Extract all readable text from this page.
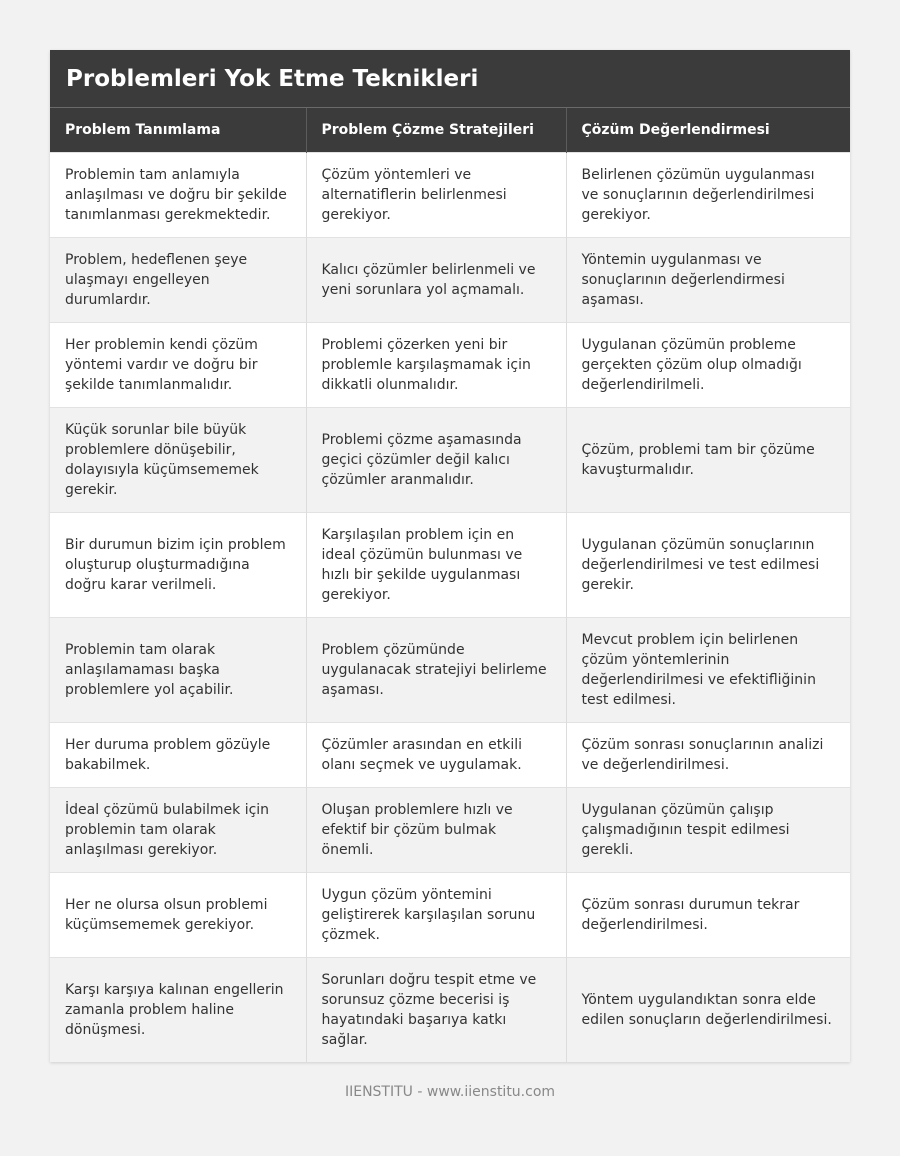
Problemleri Yok Etme Teknikleri
Problem Tanımlama	Problem Çözme Stratejileri	Çözüm Değerlendirmesi
Problemin tam anlamıyla anlaşılması ve doğru bir şekilde tanımlanması gerekmektedir.	Çözüm yöntemleri ve alternatiflerin belirlenmesi gerekiyor.	Belirlenen çözümün uygulanması ve sonuçlarının değerlendirilmesi gerekiyor.
Problem, hedeflenen şeye ulaşmayı engelleyen durumlardır.	Kalıcı çözümler belirlenmeli ve yeni sorunlara yol açmamalı.	Yöntemin uygulanması ve sonuçlarının değerlendirmesi aşaması.
Her problemin kendi çözüm yöntemi vardır ve doğru bir şekilde tanımlanmalıdır.	Problemi çözerken yeni bir problemle karşılaşmamak için dikkatli olunmalıdır.	Uygulanan çözümün probleme gerçekten çözüm olup olmadığı değerlendirilmeli.
Küçük sorunlar bile büyük problemlere dönüşebilir, dolayısıyla küçümsememek gerekir.	Problemi çözme aşamasında geçici çözümler değil kalıcı çözümler aranmalıdır.	Çözüm, problemi tam bir çözüme kavuşturmalıdır.
Bir durumun bizim için problem oluşturup oluşturmadığına doğru karar verilmeli.	Karşılaşılan problem için en ideal çözümün bulunması ve hızlı bir şekilde uygulanması gerekiyor.	Uygulanan çözümün sonuçlarının değerlendirilmesi ve test edilmesi gerekir.
Problemin tam olarak anlaşılamaması başka problemlere yol açabilir.	Problem çözümünde uygulanacak stratejiyi belirleme aşaması.	Mevcut problem için belirlenen çözüm yöntemlerinin değerlendirilmesi ve efektifliğinin test edilmesi.
Her duruma problem gözüyle bakabilmek.	Çözümler arasından en etkili olanı seçmek ve uygulamak.	Çözüm sonrası sonuçlarının analizi ve değerlendirilmesi.
İdeal çözümü bulabilmek için problemin tam olarak anlaşılması gerekiyor.	Oluşan problemlere hızlı ve efektif bir çözüm bulmak önemli.	Uygulanan çözümün çalışıp çalışmadığının tespit edilmesi gerekli.
Her ne olursa olsun problemi küçümsememek gerekiyor.	Uygun çözüm yöntemini geliştirerek karşılaşılan sorunu çözmek.	Çözüm sonrası durumun tekrar değerlendirilmesi.
Karşı karşıya kalınan engellerin zamanla problem haline dönüşmesi.	Sorunları doğru tespit etme ve sorunsuz çözme becerisi iş hayatındaki başarıya katkı sağlar.	Yöntem uygulandıktan sonra elde edilen sonuçların değerlendirilmesi.
IIENSTITU - www.iienstitu.com
